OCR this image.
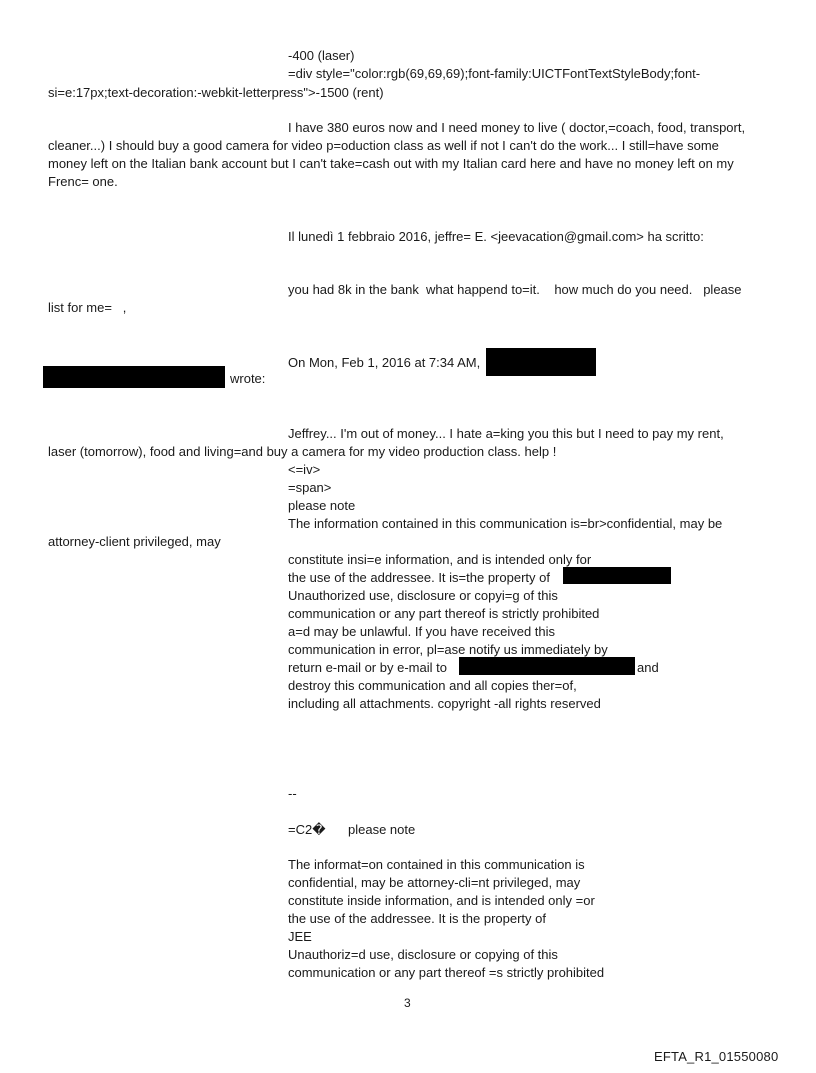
-400 (laser)
=div style="color:rgb(69,69,69);font-family:UICTFontTextStyleBody;font-
si=e:17px;text-decoration:-webkit-letterpress">-1500 (rent)
I have 380 euros now and I need money to live ( doctor,=coach, food, transport,
cleaner...) I should buy a good camera for video p=oduction class as well if not I can't do the work... I still=have some
money left on the Italian bank account but I can't take=cash out with my Italian card here and have no money left on my
Frenc= one.
Il lunedì 1 febbraio 2016, jeffre= E. <jeevacation@gmail.com> ha scritto:
you had 8k in the bank  what happend to=it.    how much do you need.   please
list for me=   ,
On Mon, Feb 1, 2016 at 7:34 AM,
wrote:
Jeffrey... I'm out of money... I hate a=king you this but I need to pay my rent,
laser (tomorrow), food and living=and buy a camera for my video production class. help !
<=iv>
=span>
please note
The information contained in this communication is=br>confidential, may be
attorney-client privileged, may
constitute insi=e information, and is intended only for
the use of the addressee. It is=the property of
Unauthorized use, disclosure or copyi=g of this
communication or any part thereof is strictly prohibited
a=d may be unlawful. If you have received this
communication in error, pl=ase notify us immediately by
return e-mail or by e-mail to	and
destroy this communication and all copies ther=of,
including all attachments. copyright -all rights reserved
--
=C2� please note
The informat=on contained in this communication is
confidential, may be attorney-cli=nt privileged, may
constitute inside information, and is intended only =or
the use of the addressee. It is the property of
JEE
Unauthoriz=d use, disclosure or copying of this
communication or any part thereof =s strictly prohibited
3
EFTA_R1_01550080
